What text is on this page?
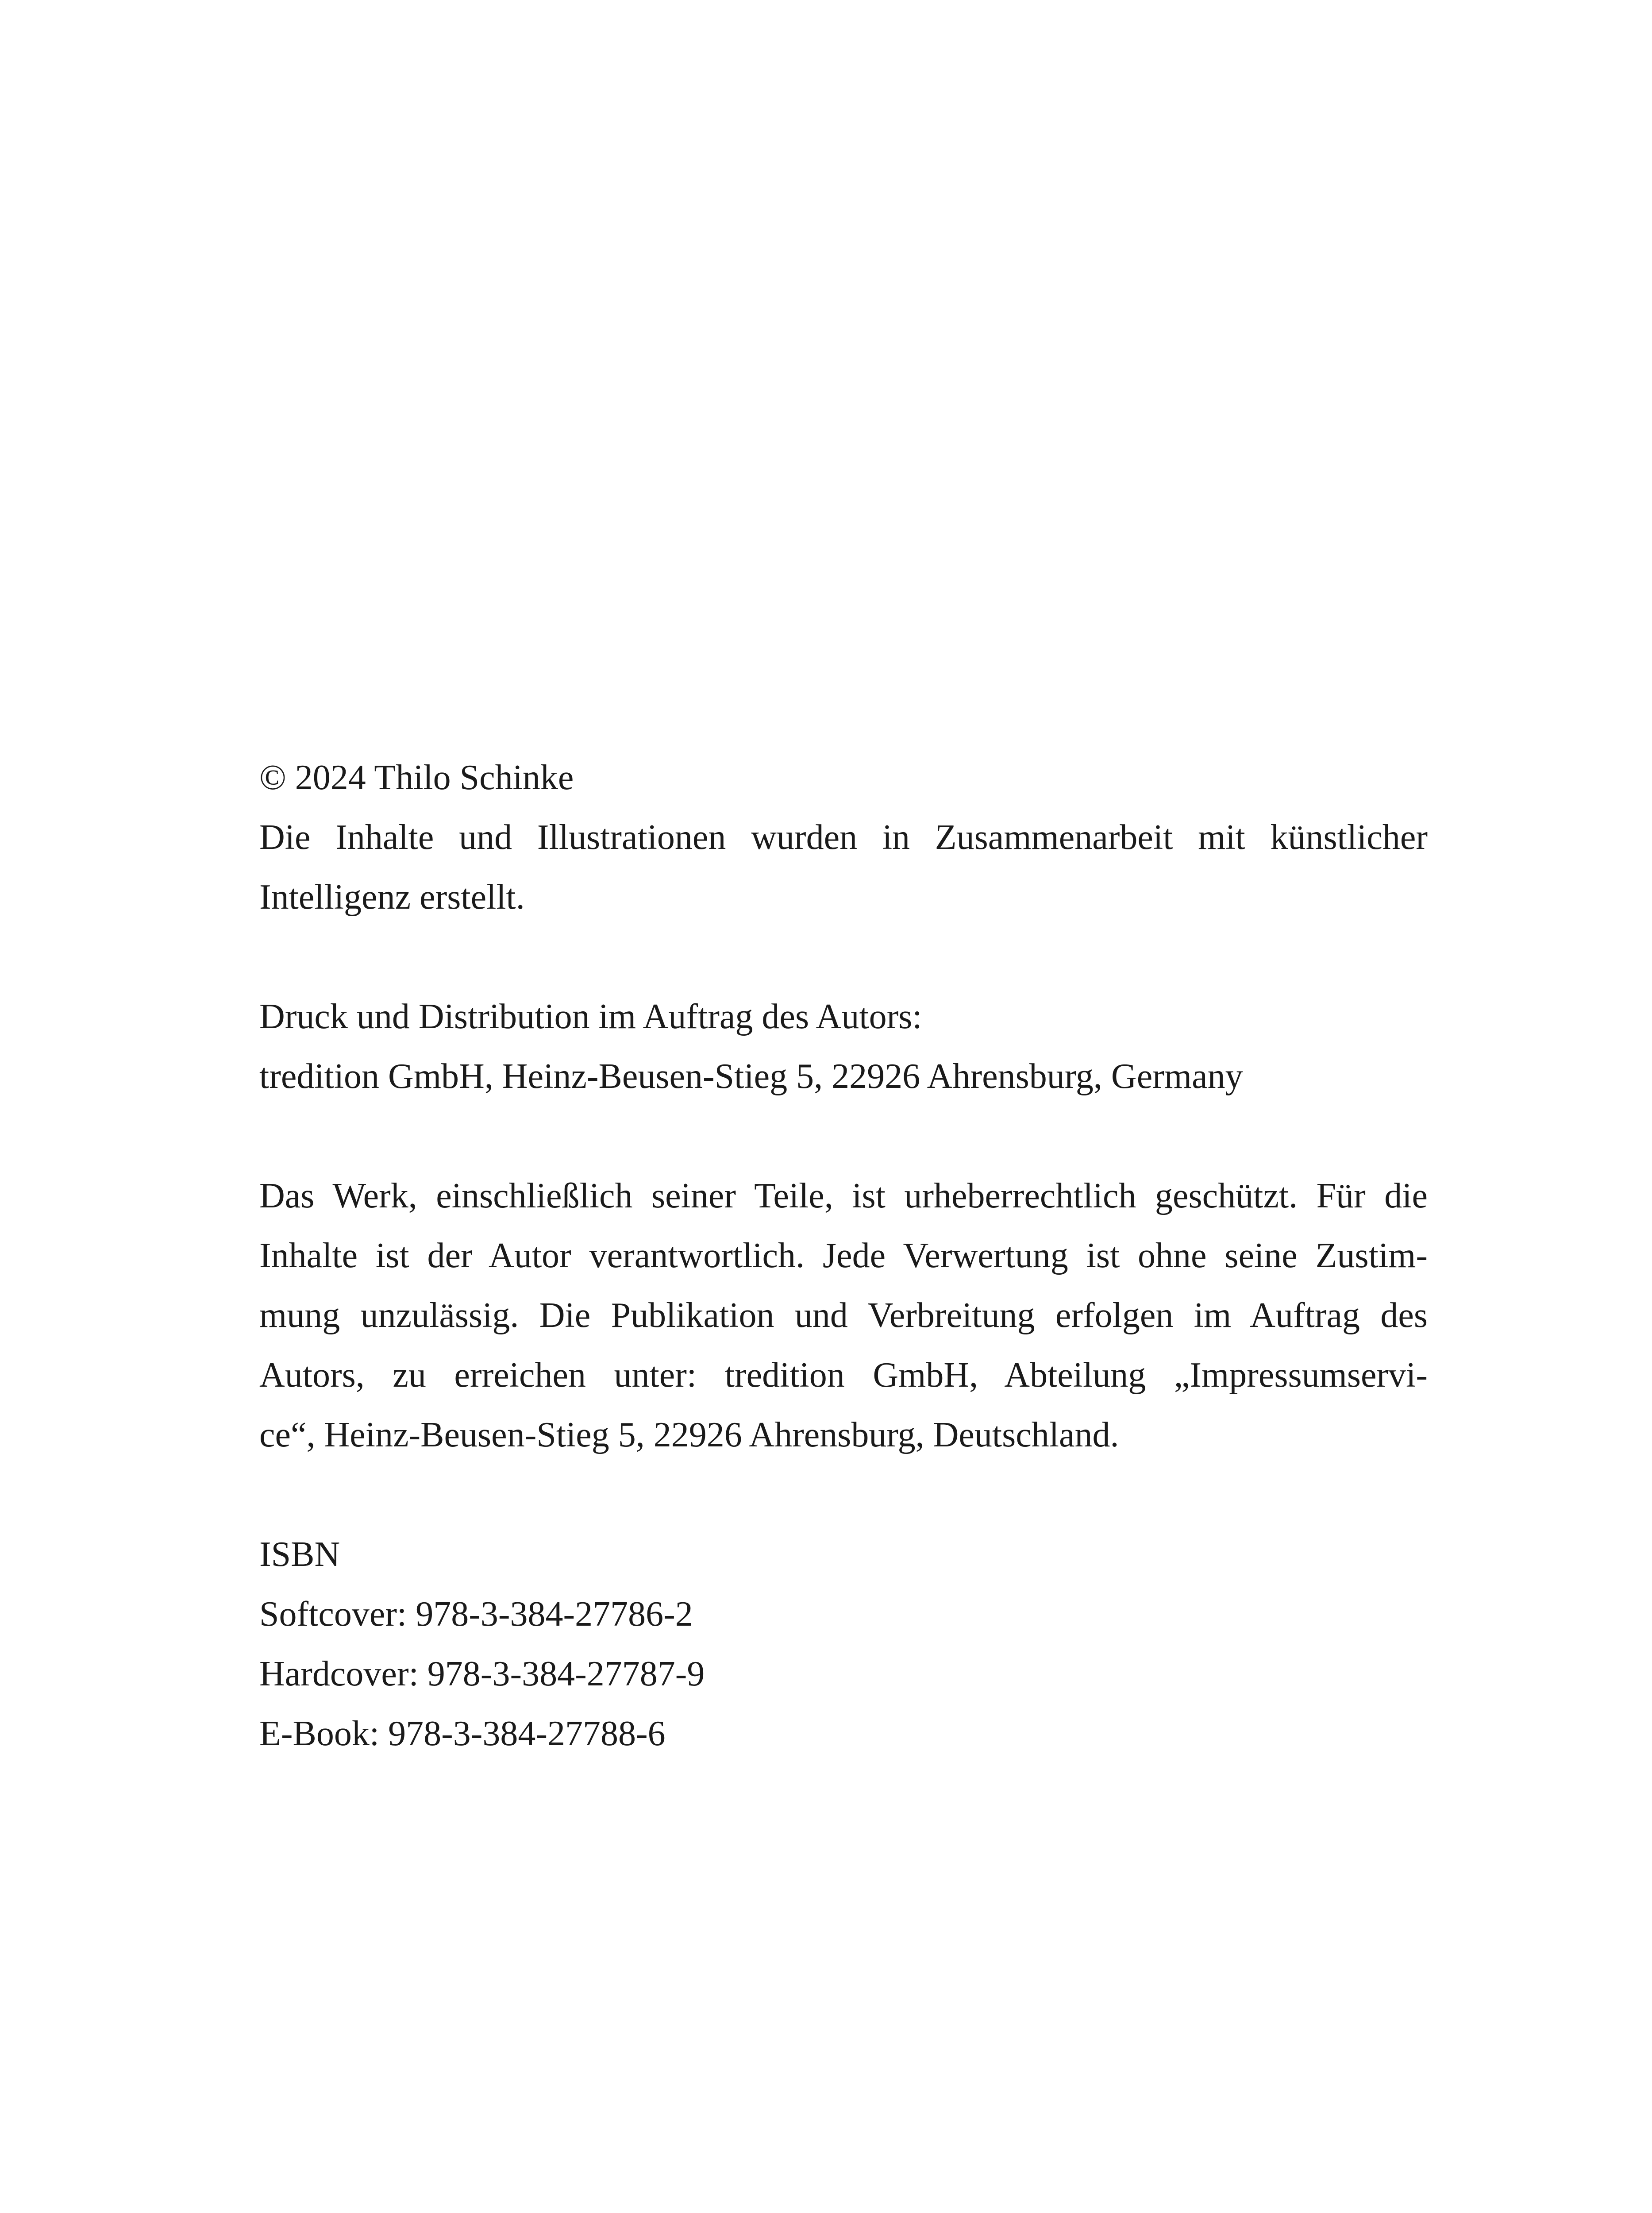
© 2024 Thilo Schinke
Die Inhalte und Illustrationen wurden in Zusammenarbeit mit künstlicher
Intelligenz erstellt.
Druck und Distribution im Auftrag des Autors:
tredition GmbH, Heinz-Beusen-Stieg 5, 22926 Ahrensburg, Germany
Das Werk, einschließlich seiner Teile, ist urheberrechtlich geschützt. Für die
Inhalte ist der Autor verantwortlich. Jede Verwertung ist ohne seine Zustim-
mung unzulässig. Die Publikation und Verbreitung erfolgen im Auftrag des
Autors, zu erreichen unter: tredition GmbH, Abteilung „Impressumservi-
ce“, Heinz-Beusen-Stieg 5, 22926 Ahrensburg, Deutschland.
ISBN
Softcover: 978-3-384-27786-2
Hardcover: 978-3-384-27787-9
E-Book: 978-3-384-27788-6
